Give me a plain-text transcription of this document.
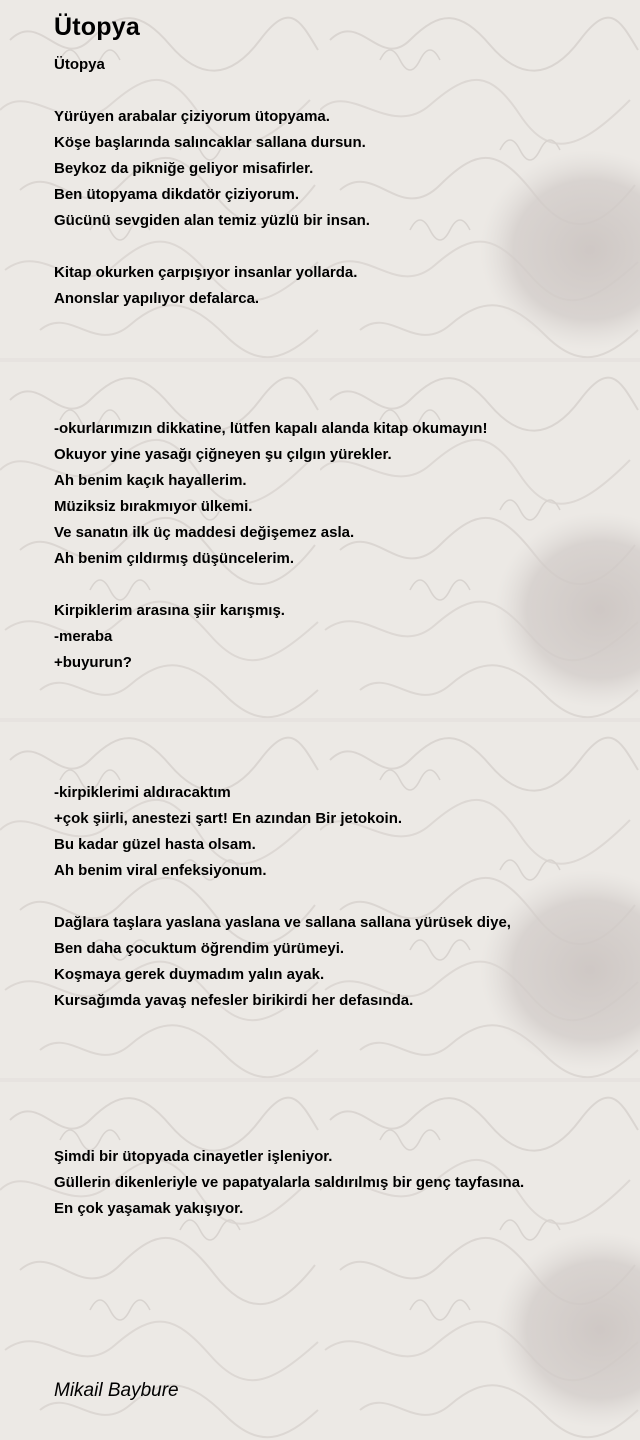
Ütopya
Ütopya
Yürüyen arabalar çiziyorum ütopyama.
Köşe başlarında salıncaklar sallana dursun.
Beykoz da pikniğe geliyor misafirler.
Ben ütopyama dikdatör çiziyorum.
Gücünü sevgiden alan temiz yüzlü bir insan.
Kitap okurken çarpışıyor insanlar yollarda.
Anonslar yapılıyor defalarca.
-okurlarımızın dikkatine, lütfen kapalı alanda kitap okumayın!
Okuyor yine yasağı çiğneyen şu çılgın yürekler.
Ah benim kaçık hayallerim.
Müziksiz bırakmıyor ülkemi.
Ve sanatın ilk üç maddesi değişemez asla.
Ah benim çıldırmış düşüncelerim.
Kirpiklerim arasına şiir karışmış.
-meraba
+buyurun?
-kirpiklerimi aldıracaktım
+çok şiirli, anestezi şart! En azından Bir jetokoin.
Bu kadar güzel hasta olsam.
Ah benim viral enfeksiyonum.
Dağlara taşlara yaslana yaslana ve sallana sallana yürüsek diye,
Ben daha çocuktum öğrendim yürümeyi.
Koşmaya gerek duymadım yalın ayak.
Kursağımda yavaş nefesler birikirdi her defasında.
Şimdi bir ütopyada cinayetler işleniyor.
Güllerin dikenleriyle ve papatyalarla saldırılmış bir genç tayfasına.
En çok yaşamak yakışıyor.
Mikail Baybure
